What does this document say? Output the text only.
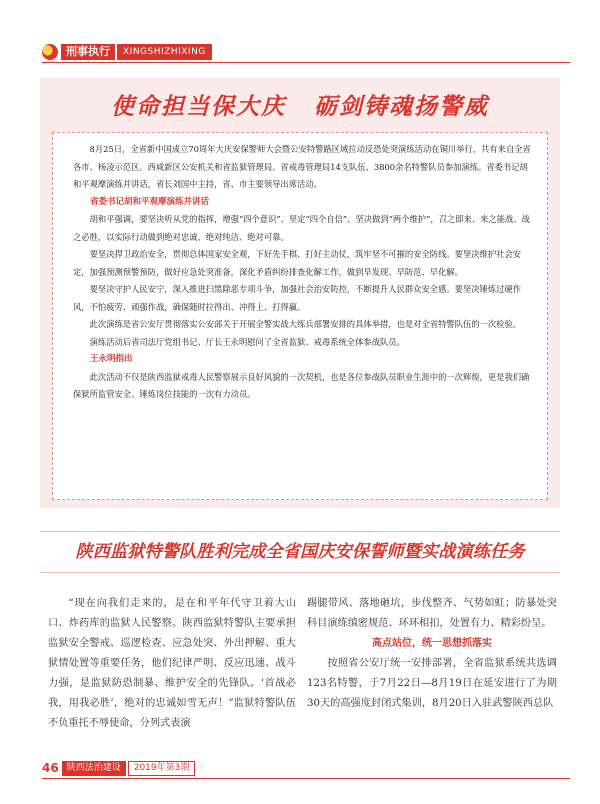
刑事执行	XINGSHIZHIXING
使命担当保大庆 砺剑铸魂扬警威

8月25日，全省新中国成立70周年大庆安保警师大会暨公安特警路区域拉动反恐处突演练活动在铜川举行，共有来自全省各市、杨凌示范区、西咸新区公安机关和省监狱管理局、省戒毒管理局14支队伍、3800余名特警队员参加演练。省委书记胡和平观摩演练并讲话，省长刘国中主持，省、市主要领导出席活动。

省委书记胡和平观摩演练并讲话

胡和平强调，要坚决听从党的指挥，增强“四个意识”、坚定“四个自信”、坚决做到“两个维护”，召之即来、来之能战、战之必胜，以实际行动做到绝对忠诚、绝对纯洁、绝对可靠。

要坚决捍卫政治安全，贯彻总体国家安全观，下好先手棋、打好主动仗，筑牢坚不可摧的安全防线。要坚决维护社会安定，加强预测预警预防，做好应急处突准备，深化矛盾纠纷排查化解工作，做到早发现、早防范、早化解。

要坚决守护人民安宁，深入推进扫黑除恶专项斗争，加强社会治安防控，不断提升人民群众安全感。要坚决锤炼过硬作风，不怕疲劳、顽强作战，确保随时拉得出、冲得上、打得赢。

此次演练是省公安厅贯彻落实公安部关于开展全警实战大练兵部署安排的具体举措，也是对全省特警队伍的一次检验。

演练活动后省司法厅党组书记、厅长王永明慰问了全省监狱、戒毒系统全体参战队员。

王永明指出

此次活动不仅是陕西监狱戒毒人民警察展示良好风貌的一次契机，也是各位参战队员职业生涯中的一次辉煌，更是我们确保狱所监管安全、锤炼岗位技能的一次有力动员。

陕西监狱特警队胜利完成全省国庆安保誓师暨实战演练任务

“现在向我们走来的，是在和平年代守卫着大山口、炸药库的监狱人民警察。陕西监狱特警队主要承担监狱安全警戒、巡逻检查、应急处突、外出押解、重大狱情处置等重要任务，他们纪律严明、反应迅速、战斗力强，是监狱防恐制暴、维护安全的先锋队。‘首战必我，用我必胜’，绝对的忠诚如雪无声！”监狱特警队伍不负重托不辱使命，分列式表演

踢腿带风、落地砸坑，步伐整齐、气势如虹；防暴处突科目演练缜密规范、环环相扣，处置有力、精彩纷呈。

高点站位，统一思想抓落实

按照省公安厅统一安排部署，全省监狱系统共选调123名特警，于7月22日—8月19日在延安进行了为期30天的高强度封闭式集训，8月20日入驻武警陕西总队

46 陕西法治建设	2019年第3期
